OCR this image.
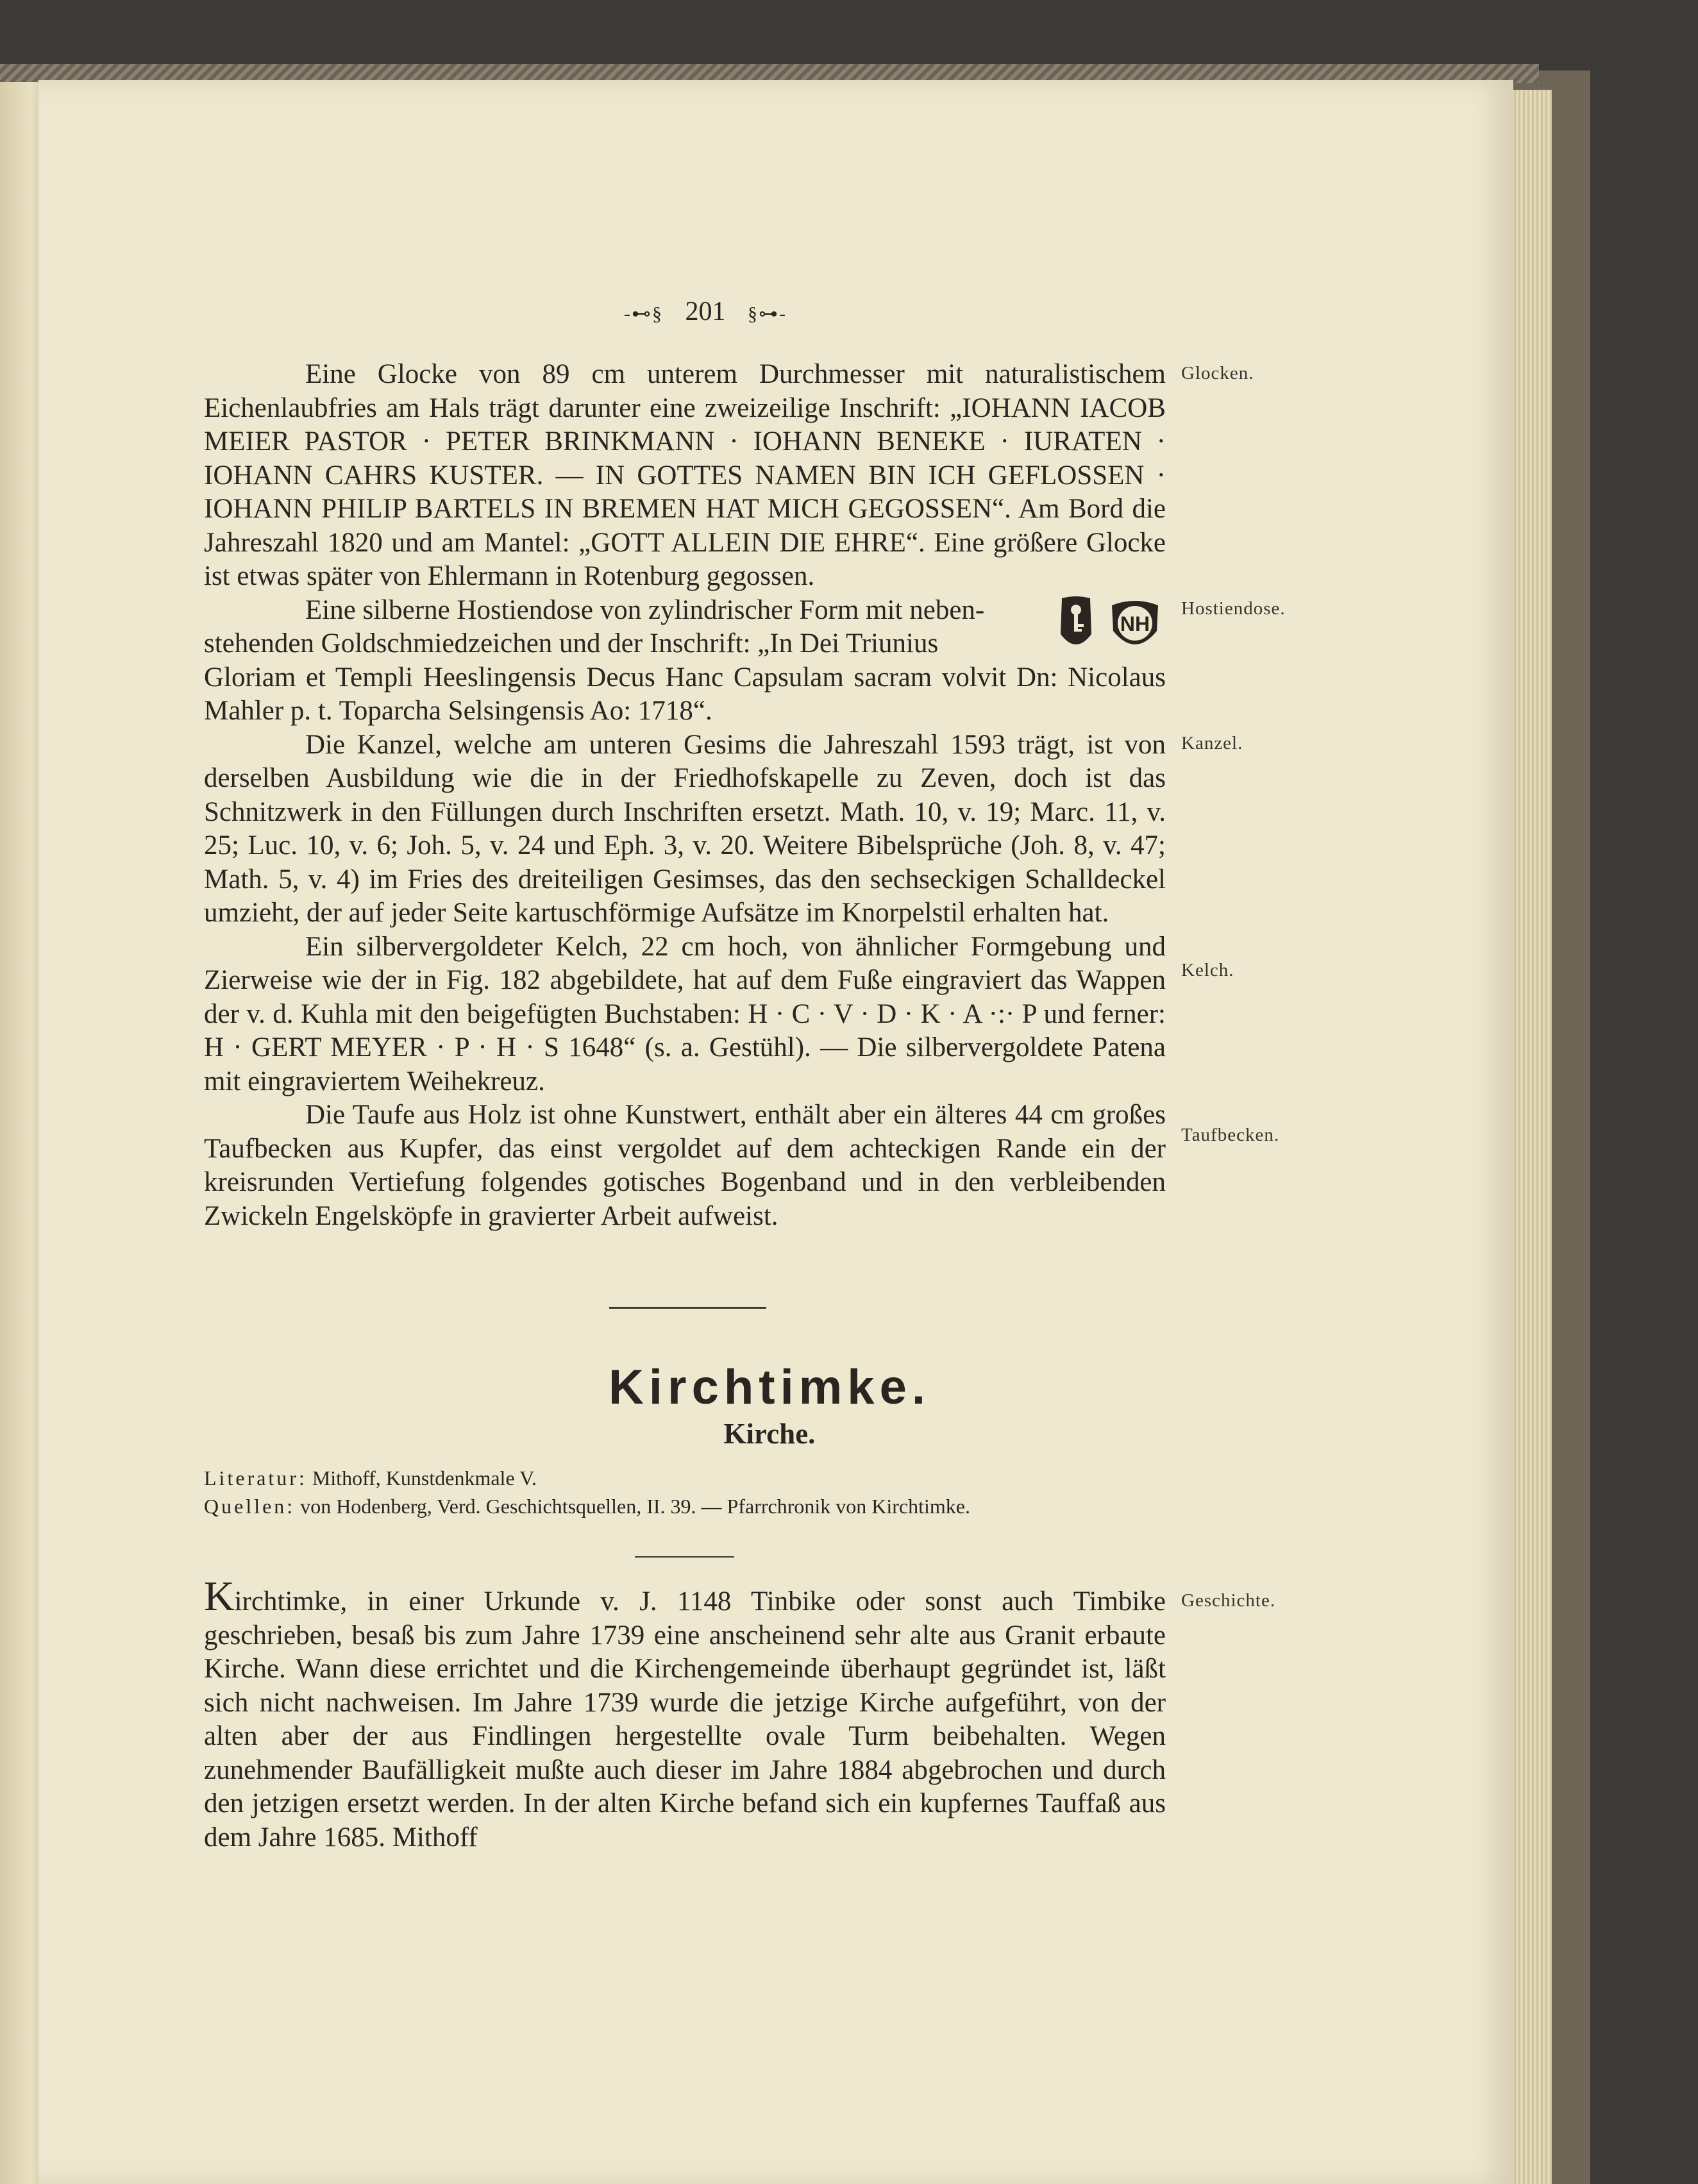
-⊷§ 201 §⊶-
Glocken.
Hostiendose.
Kanzel.
Kelch.
Taufbecken.
Geschichte.

Eine Glocke von 89 cm unterem Durchmesser mit naturalistischem Eichenlaubfries am Hals trägt darunter eine zweizeilige Inschrift: „IOHANN IACOB MEIER PASTOR · PETER BRINKMANN · IOHANN BENEKE · IURATEN · IOHANN CAHRS KUSTER. — IN GOTTES NAMEN BIN ICH GEFLOSSEN · IOHANN PHILIP BARTELS IN BREMEN HAT MICH GEGOSSEN“. Am Bord die Jahreszahl 1820 und am Mantel: „GOTT ALLEIN DIE EHRE“. Eine größere Glocke ist etwas später von Ehlermann in Rotenburg gegossen.

Eine silberne Hostiendose von zylindrischer Form mit neben-

stehenden Goldschmiedzeichen und der Inschrift: „In Dei Triunius

NH

Gloriam et Templi Heeslingensis Decus Hanc Capsulam sacram volvit Dn: Nicolaus Mahler p. t. Toparcha Selsingensis Ao: 1718“.

Die Kanzel, welche am unteren Gesims die Jahreszahl 1593 trägt, ist von derselben Ausbildung wie die in der Friedhofskapelle zu Zeven, doch ist das Schnitzwerk in den Füllungen durch Inschriften ersetzt. Math. 10, v. 19; Marc. 11, v. 25; Luc. 10, v. 6; Joh. 5, v. 24 und Eph. 3, v. 20. Weitere Bibelsprüche (Joh. 8, v. 47; Math. 5, v. 4) im Fries des dreiteiligen Gesimses, das den sechseckigen Schalldeckel umzieht, der auf jeder Seite kartuschförmige Aufsätze im Knorpelstil erhalten hat.

Ein silbervergoldeter Kelch, 22 cm hoch, von ähnlicher Formgebung und Zierweise wie der in Fig. 182 abgebildete, hat auf dem Fuße eingraviert das Wappen der v. d. Kuhla mit den beigefügten Buchstaben: H · C · V · D · K · A ·:· P und ferner: H · GERT MEYER · P · H · S 1648“ (s. a. Gestühl). — Die silbervergoldete Patena mit eingraviertem Weihekreuz.

Die Taufe aus Holz ist ohne Kunstwert, enthält aber ein älteres 44 cm großes Taufbecken aus Kupfer, das einst vergoldet auf dem achteckigen Rande ein der kreisrunden Vertiefung folgendes gotisches Bogenband und in den verbleibenden Zwickeln Engelsköpfe in gravierter Arbeit aufweist.

Kirchtimke.
Kirche.
Literatur: Mithoff, Kunstdenkmale V.
Quellen: von Hodenberg, Verd. Geschichtsquellen, II. 39. — Pfarrchronik von Kirchtimke.

Kirchtimke, in einer Urkunde v. J. 1148 Tinbike oder sonst auch Timbike geschrieben, besaß bis zum Jahre 1739 eine anscheinend sehr alte aus Granit erbaute Kirche. Wann diese errichtet und die Kirchengemeinde überhaupt gegründet ist, läßt sich nicht nachweisen. Im Jahre 1739 wurde die jetzige Kirche aufgeführt, von der alten aber der aus Findlingen hergestellte ovale Turm beibehalten. Wegen zunehmender Baufälligkeit mußte auch dieser im Jahre 1884 abgebrochen und durch den jetzigen ersetzt werden. In der alten Kirche befand sich ein kupfernes Tauffaß aus dem Jahre 1685. Mithoff
